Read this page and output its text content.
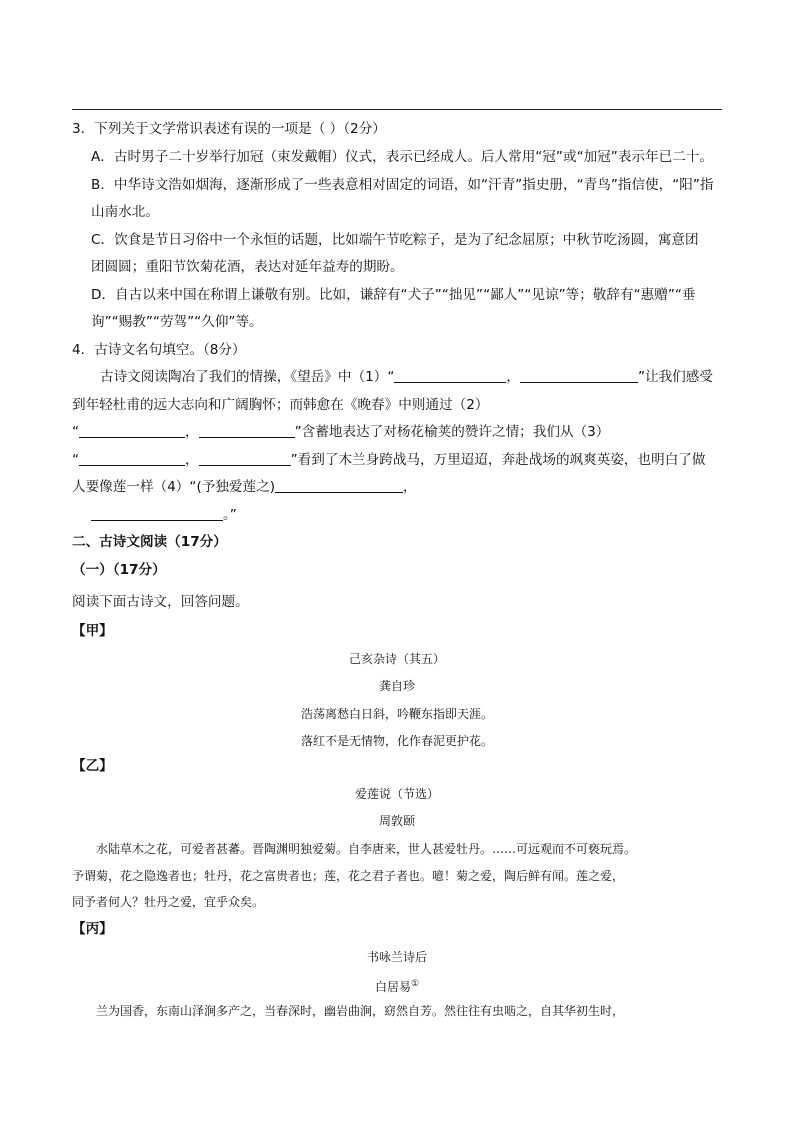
3．下列关于文学常识表述有误的一项是（ ）（2分）
A．古时男子二十岁举行加冠（束发戴帽）仪式，表示已经成人。后人常用“冠”或“加冠”表示年已二十。
B．中华诗文浩如烟海，逐渐形成了一些表意相对固定的词语，如“汗青”指史册，“青鸟”指信使，“阳”指
山南水北。
C．饮食是节日习俗中一个永恒的话题，比如端午节吃粽子，是为了纪念屈原；中秋节吃汤圆，寓意团
团圆圆；重阳节饮菊花酒，表达对延年益寿的期盼。
D．自古以来中国在称谓上谦敬有别。比如，谦辞有“犬子”“拙见”“鄙人”“见谅”等；敬辞有“惠赠”“垂
询”“赐教”“劳驾”“久仰”等。
4．古诗文名句填空。（8分）
古诗文阅读陶冶了我们的情操，《望岳》中（1）“	，	”让我们感受
到年轻杜甫的远大志向和广阔胸怀；而韩愈在《晚春》中则通过（2）
“	，	”含蓄地表达了对杨花榆荚的赞许之情；我们从（3）
“	，	”看到了木兰身跨战马，万里迢迢，奔赴战场的飒爽英姿，也明白了做
人要像莲一样（4）“(予独爱莲之)	，
。”
二、古诗文阅读（17分）
（一）（17分）
阅读下面古诗文，回答问题。
【甲】
己亥杂诗（其五）
龚自珍
浩荡离愁白日斜，吟鞭东指即天涯。
落红不是无情物，化作春泥更护花。
【乙】
爱莲说（节选）
周敦颐
水陆草木之花，可爱者甚蕃。晋陶渊明独爱菊。自李唐来，世人甚爱牡丹。……可远观而不可亵玩焉。
予谓菊，花之隐逸者也；牡丹，花之富贵者也；莲，花之君子者也。噫！菊之爱，陶后鲜有闻。莲之爱，
同予者何人？牡丹之爱，宜乎众矣。
【丙】
书咏兰诗后
白居易①
兰为国香，东南山泽涧多产之，当春深时，幽岩曲涧，窈然自芳。然往往有虫啮之，自其华初生时，
